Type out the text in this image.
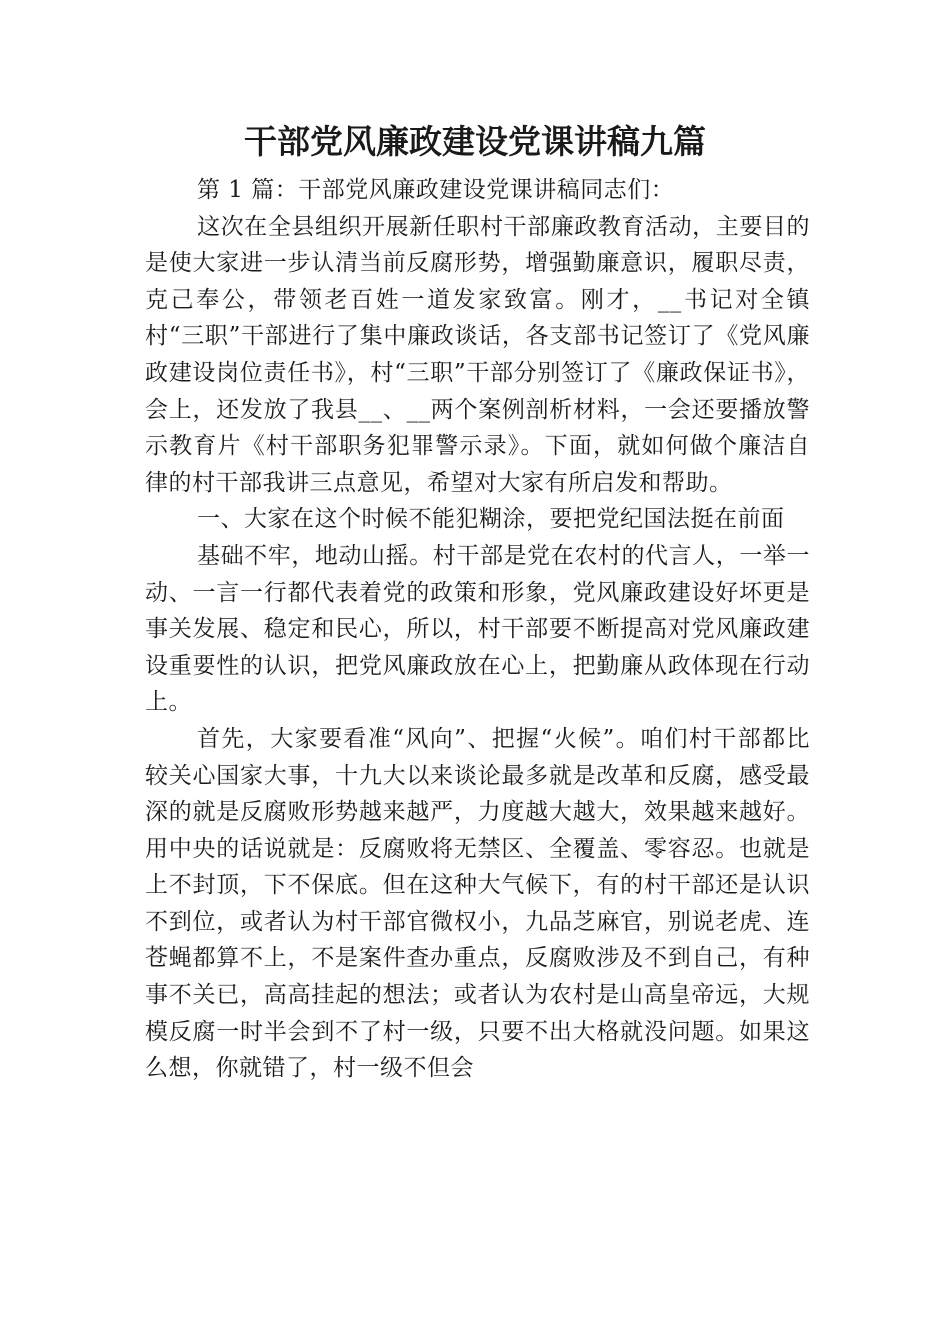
干部党风廉政建设党课讲稿九篇

第 1 篇：干部党风廉政建设党课讲稿同志们：

这次在全县组织开展新任职村干部廉政教育活动，主要目的是使大家进一步认清当前反腐形势，增强勤廉意识，履职尽责，克己奉公，带领老百姓一道发家致富。刚才，__书记对全镇村“三职”干部进行了集中廉政谈话，各支部书记签订了《党风廉政建设岗位责任书》，村“三职”干部分别签订了《廉政保证书》，会上，还发放了我县__、__两个案例剖析材料，一会还要播放警示教育片《村干部职务犯罪警示录》。下面，就如何做个廉洁自律的村干部我讲三点意见，希望对大家有所启发和帮助。

一、大家在这个时候不能犯糊涂，要把党纪国法挺在前面

基础不牢，地动山摇。村干部是党在农村的代言人，一举一动、一言一行都代表着党的政策和形象，党风廉政建设好坏更是事关发展、稳定和民心，所以，村干部要不断提高对党风廉政建设重要性的认识，把党风廉政放在心上，把勤廉从政体现在行动上。

首先，大家要看准“风向”、把握“火候”。咱们村干部都比较关心国家大事，十九大以来谈论最多就是改革和反腐，感受最深的就是反腐败形势越来越严，力度越大越大，效果越来越好。用中央的话说就是：反腐败将无禁区、全覆盖、零容忍。也就是上不封顶，下不保底。但在这种大气候下，有的村干部还是认识不到位，或者认为村干部官微权小，九品芝麻官，别说老虎、连苍蝇都算不上，不是案件查办重点，反腐败涉及不到自己，有种事不关已，高高挂起的想法；或者认为农村是山高皇帝远，大规模反腐一时半会到不了村一级，只要不出大格就没问题。如果这么想，你就错了，村一级不但会
